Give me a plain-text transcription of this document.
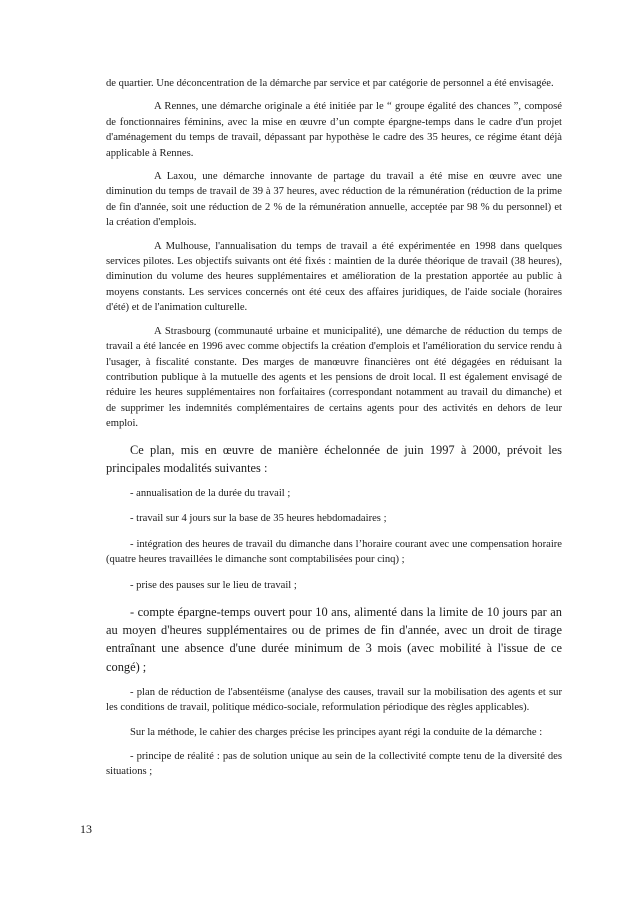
de quartier. Une déconcentration de la démarche par service et par catégorie de personnel a été envisagée.

A Rennes, une démarche originale a été initiée par le “ groupe égalité des chances ”, composé de fonctionnaires féminins, avec la mise en œuvre d’un compte épargne-temps dans le cadre d'un projet d'aménagement du temps de travail, dépassant par hypothèse le cadre des 35 heures, ce régime étant déjà applicable à Rennes.

A Laxou, une démarche innovante de partage du travail a été mise en œuvre avec une diminution du temps de travail de 39 à 37 heures, avec réduction de la rémunération (réduction de la prime de fin d'année, soit une réduction de 2 % de la rémunération annuelle, acceptée par 98 % du personnel) et la création d'emplois.

A Mulhouse, l'annualisation du temps de travail a été expérimentée en 1998 dans quelques services pilotes. Les objectifs suivants ont été fixés : maintien de la durée théorique de travail (38 heures), diminution du volume des heures supplémentaires et amélioration de la prestation apportée au public à moyens constants. Les services concernés ont été ceux des affaires juridiques, de l'aide sociale (horaires d'été) et de l'animation culturelle.

A Strasbourg (communauté urbaine et municipalité), une démarche de réduction du temps de travail a été lancée en 1996 avec comme objectifs la création d'emplois et l'amélioration du service rendu à l'usager, à fiscalité constante. Des marges de manœuvre financières ont été dégagées en réduisant la contribution publique à la mutuelle des agents et les pensions de droit local. Il est également envisagé de réduire les heures supplémentaires non forfaitaires (correspondant notamment au travail du dimanche) et de supprimer les indemnités complémentaires de certains agents pour des activités en dehors de leur emploi.

Ce plan, mis en œuvre de manière échelonnée de juin 1997 à 2000, prévoit les principales modalités suivantes :

- annualisation de la durée du travail ;

- travail sur 4 jours sur la base de 35 heures hebdomadaires ;

- intégration des heures de travail du dimanche dans l’horaire courant avec une compensation horaire (quatre heures travaillées le dimanche sont comptabilisées pour cinq) ;

- prise des pauses sur le lieu de travail ;

- compte épargne-temps ouvert pour 10 ans, alimenté dans la limite de 10 jours par an au moyen d'heures supplémentaires ou de primes de fin d'année, avec un droit de tirage entraînant une absence d'une durée minimum de 3 mois (avec mobilité à l'issue de ce congé) ;

- plan de réduction de l'absentéisme (analyse des causes, travail sur la mobilisation des agents et sur les conditions de travail, politique médico-sociale, reformulation périodique des règles applicables).

Sur la méthode, le cahier des charges précise les principes ayant régi la conduite de la démarche :

- principe de réalité : pas de solution unique au sein de la collectivité compte tenu de la diversité des situations ;

13
